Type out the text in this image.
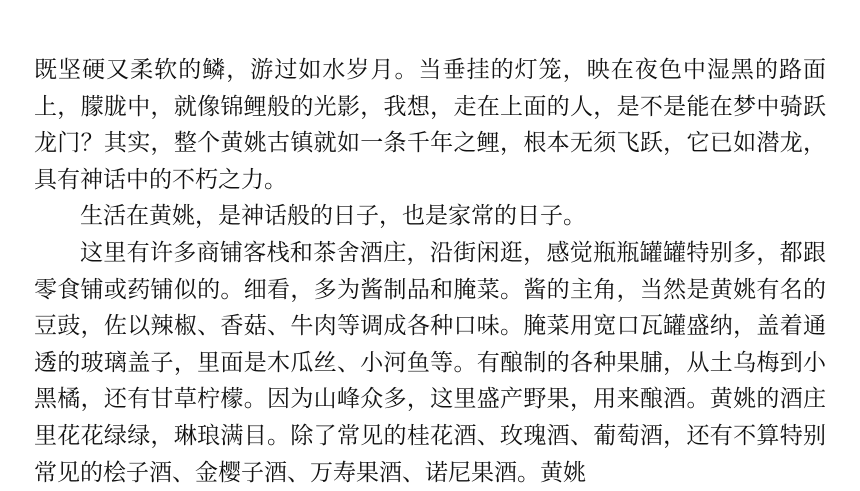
既坚硬又柔软的鳞，游过如水岁月。当垂挂的灯笼，映在夜色中湿黑的路面上，朦胧中，就像锦鲤般的光影，我想，走在上面的人，是不是能在梦中骑跃龙门？其实，整个黄姚古镇就如一条千年之鲤，根本无须飞跃，它已如潜龙，具有神话中的不朽之力。

生活在黄姚，是神话般的日子，也是家常的日子。

这里有许多商铺客栈和茶舍酒庄，沿街闲逛，感觉瓶瓶罐罐特别多，都跟零食铺或药铺似的。细看，多为酱制品和腌菜。酱的主角，当然是黄姚有名的豆豉，佐以辣椒、香菇、牛肉等调成各种口味。腌菜用宽口瓦罐盛纳，盖着通透的玻璃盖子，里面是木瓜丝、小河鱼等。有酿制的各种果脯，从土乌梅到小黑橘，还有甘草柠檬。因为山峰众多，这里盛产野果，用来酿酒。黄姚的酒庄里花花绿绿，琳琅满目。除了常见的桂花酒、玫瑰酒、葡萄酒，还有不算特别常见的桧子酒、金樱子酒、万寿果酒、诺尼果酒。黄姚
